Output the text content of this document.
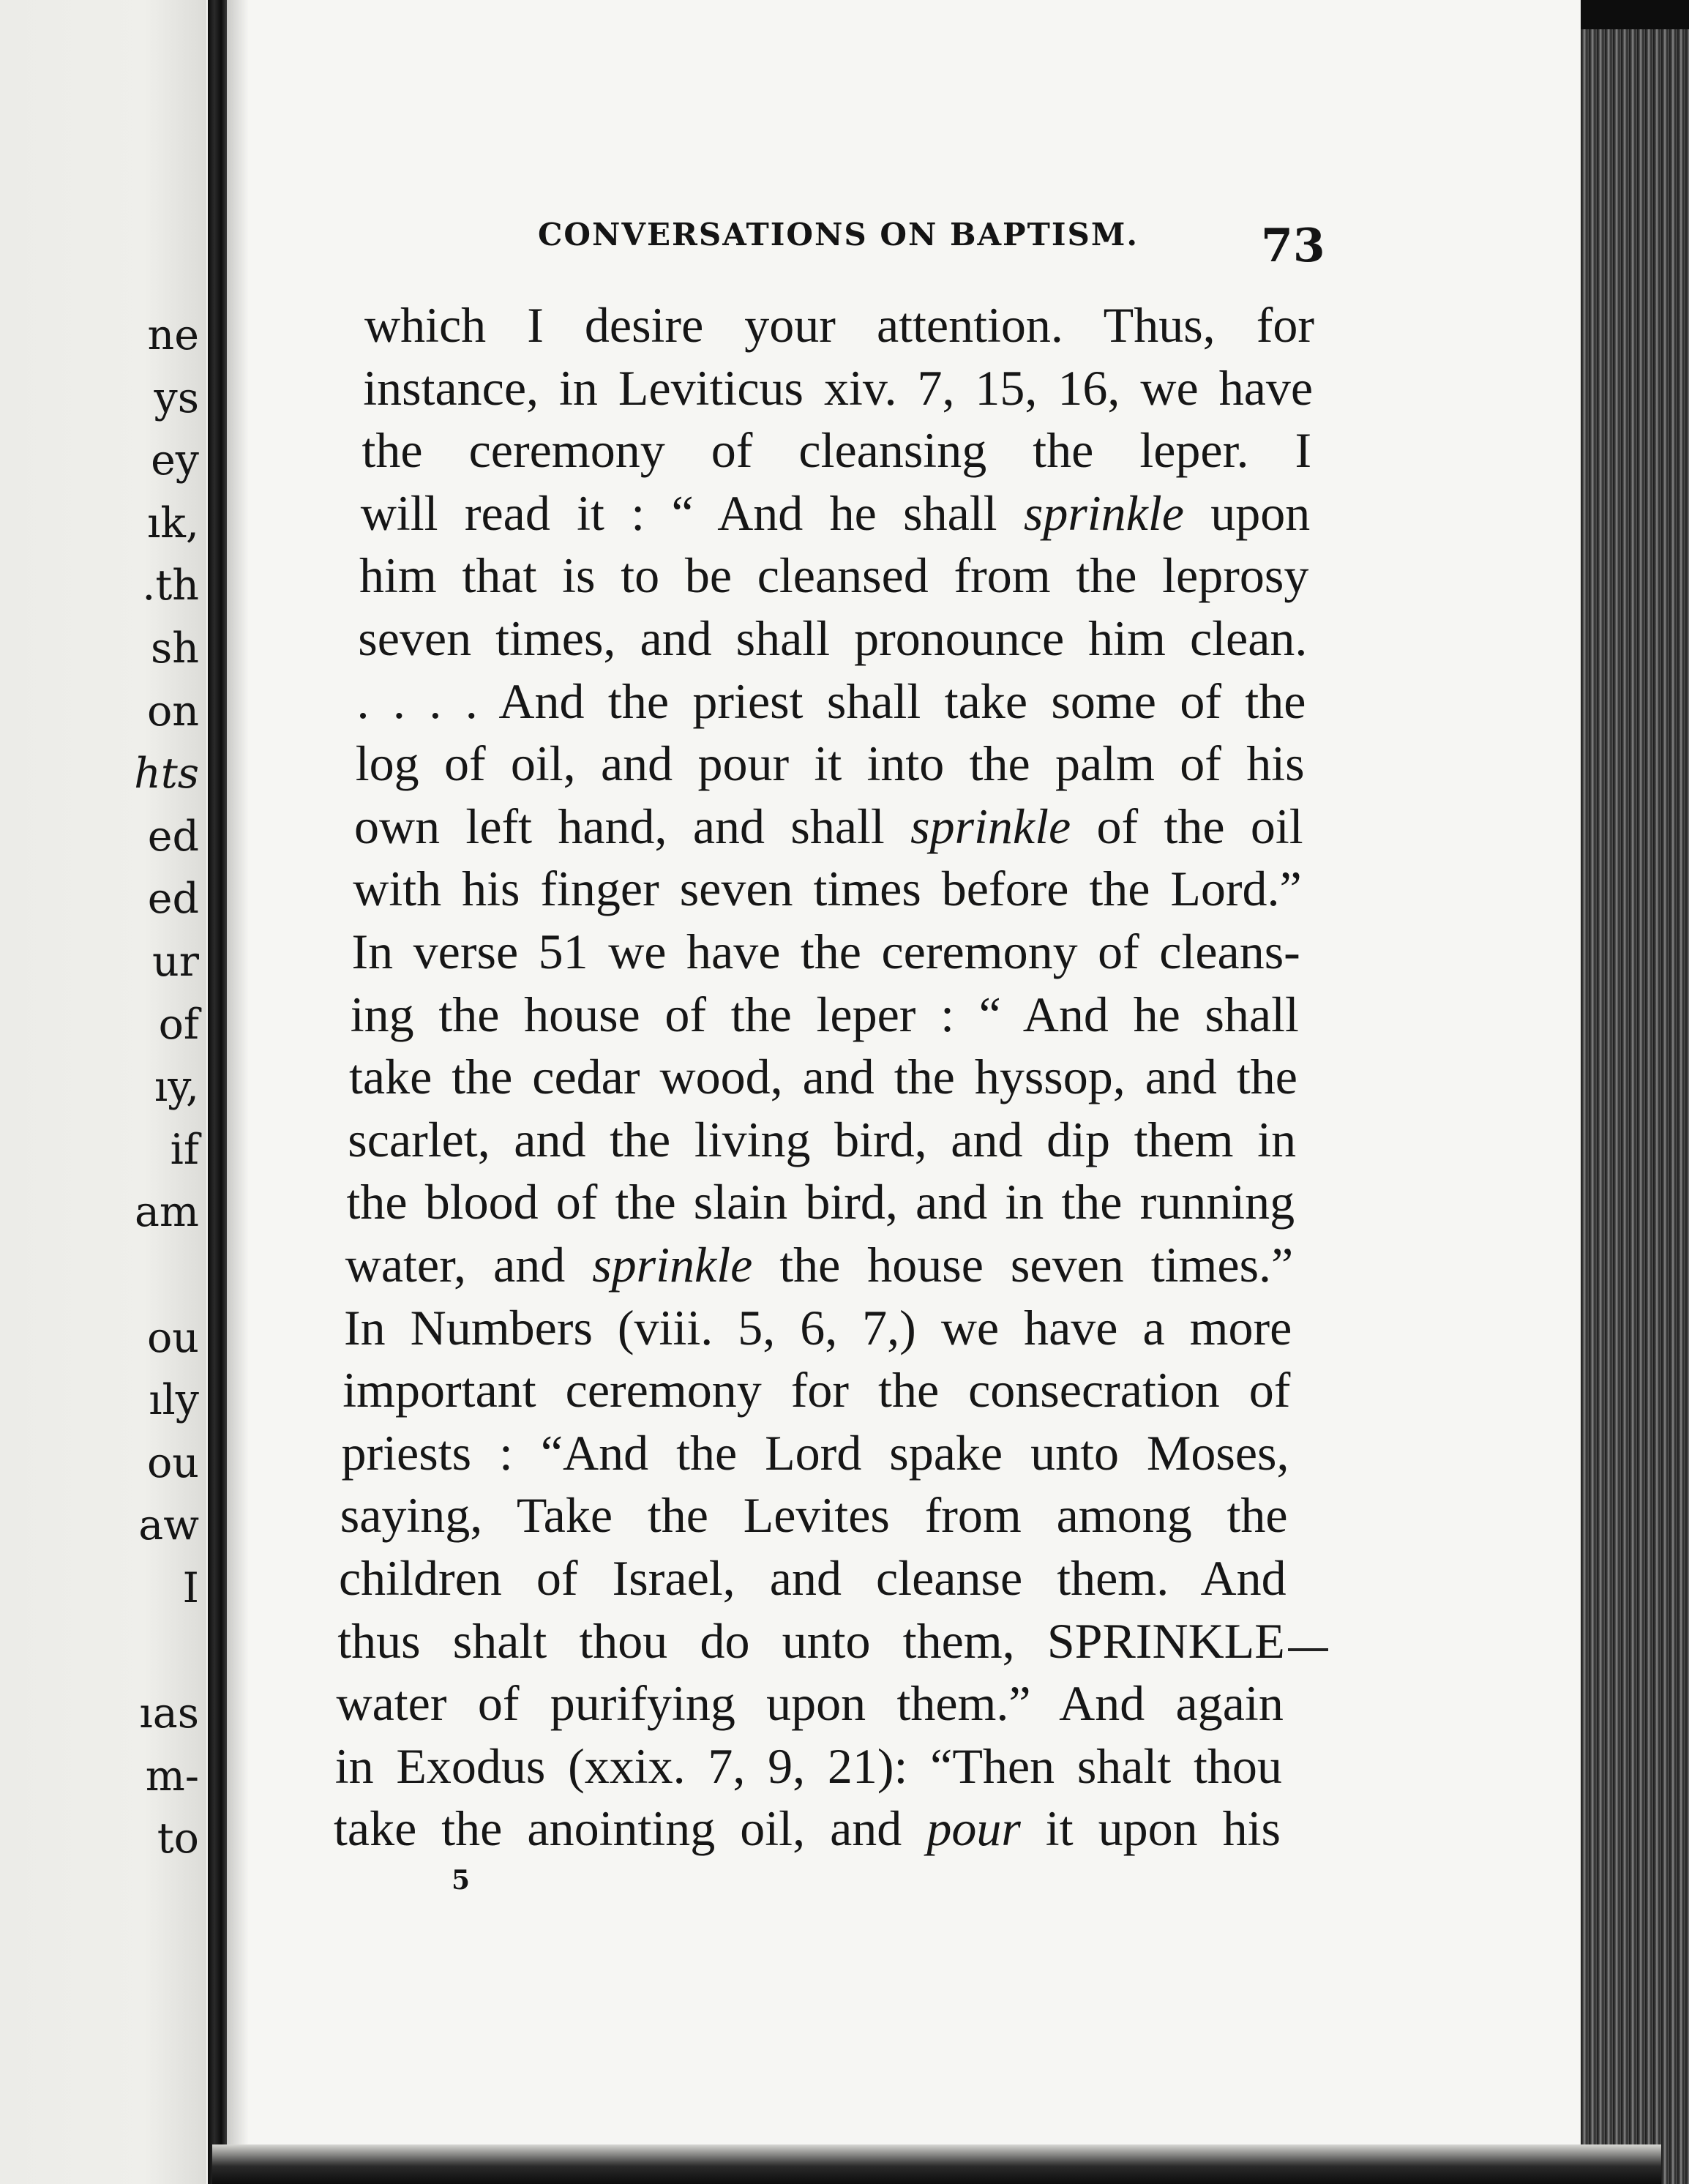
ne
ys
ey
ık,
.th
sh
on
hts
ed
ed
ur
of
ıy,
if
am
ou
ıly
ou
aw
I
ıas
m-
to
CONVERSATIONS ON BAPTISM.	73
which I desire your attention. Thus, for
instance, in Leviticus xiv. 7, 15, 16, we have
the ceremony of cleansing the leper. I
will read it : “ And he shall sprinkle upon
him that is to be cleansed from the leprosy
seven times, and shall pronounce him clean.
. . . . And the priest shall take some of the
log of oil, and pour it into the palm of his
own left hand, and shall sprinkle of the oil
with his finger seven times before the Lord.”
In verse 51 we have the ceremony of cleans-
ing the house of the leper : “ And he shall
take the cedar wood, and the hyssop, and the
scarlet, and the living bird, and dip them in
the blood of the slain bird, and in the running
water, and sprinkle the house seven times.”
In Numbers (viii. 5, 6, 7,) we have a more
important ceremony for the consecration of
priests : “And the Lord spake unto Moses,
saying, Take the Levites from among the
children of Israel, and cleanse them. And
thus shalt thou do unto them, SPRINKLE
water of purifying upon them.” And again
in Exodus (xxix. 7, 9, 21): “Then shalt thou
take the anointing oil, and pour it upon his
5
